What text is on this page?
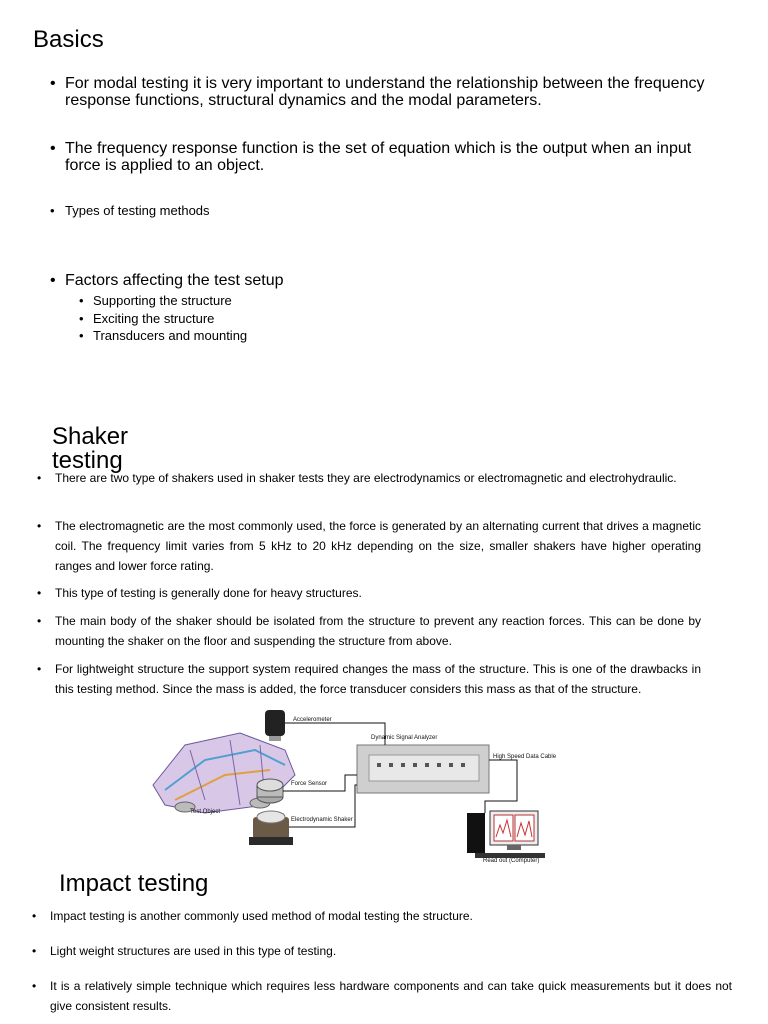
Basics
• For modal testing it is very important to understand the relationship between the frequency response functions, structural dynamics and the modal parameters.
• The frequency response function is the set of equation which is the output when an input force is applied to an object.
• Types of testing methods
• Factors affecting the test setup
• Supporting the structure
• Exciting the structure
• Transducers and mounting
Shaker testing
• There are two type of shakers used in shaker tests they are electrodynamics or electromagnetic and electrohydraulic.
• The electromagnetic are the most commonly used, the force is generated by an alternating current that drives a magnetic coil. The frequency limit varies from 5 kHz to 20 kHz depending on the size, smaller shakers have higher operating ranges and lower force rating.
• This type of testing is generally done for heavy structures.
• The main body of the shaker should be isolated from the structure to prevent any reaction forces. This can be done by mounting the shaker on the floor and suspending the structure from above.
• For lightweight structure the support system required changes the mass of the structure. This is one of the drawbacks in this testing method. Since the mass is added, the force transducer considers this mass as that of the structure.
Accelerometer
Dynamic Signal Analyzer
High Speed Data Cable
Force Sensor
Electrodynamic Shaker
Test Object
Read out (Computer)
Impact testing
• Impact testing is another commonly used method of modal testing the structure.
• Light weight structures are used in this type of testing.
• It is a relatively simple technique which requires less hardware components and can take quick measurements but it does not give consistent results.
